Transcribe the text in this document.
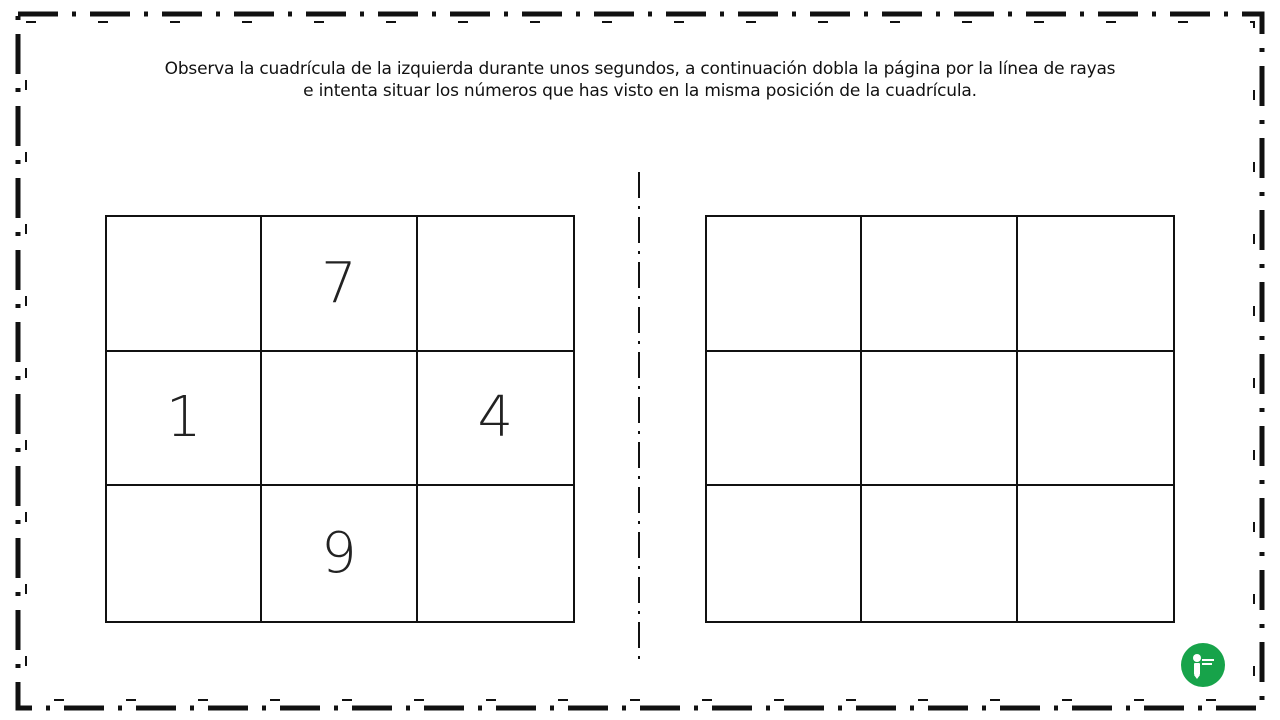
Observa la cuadrícula de la izquierda durante unos segundos, a continuación dobla la página por la línea de rayas
e intenta situar los números que has visto en la misma posición de la cuadrícula.
7
1	4
9
